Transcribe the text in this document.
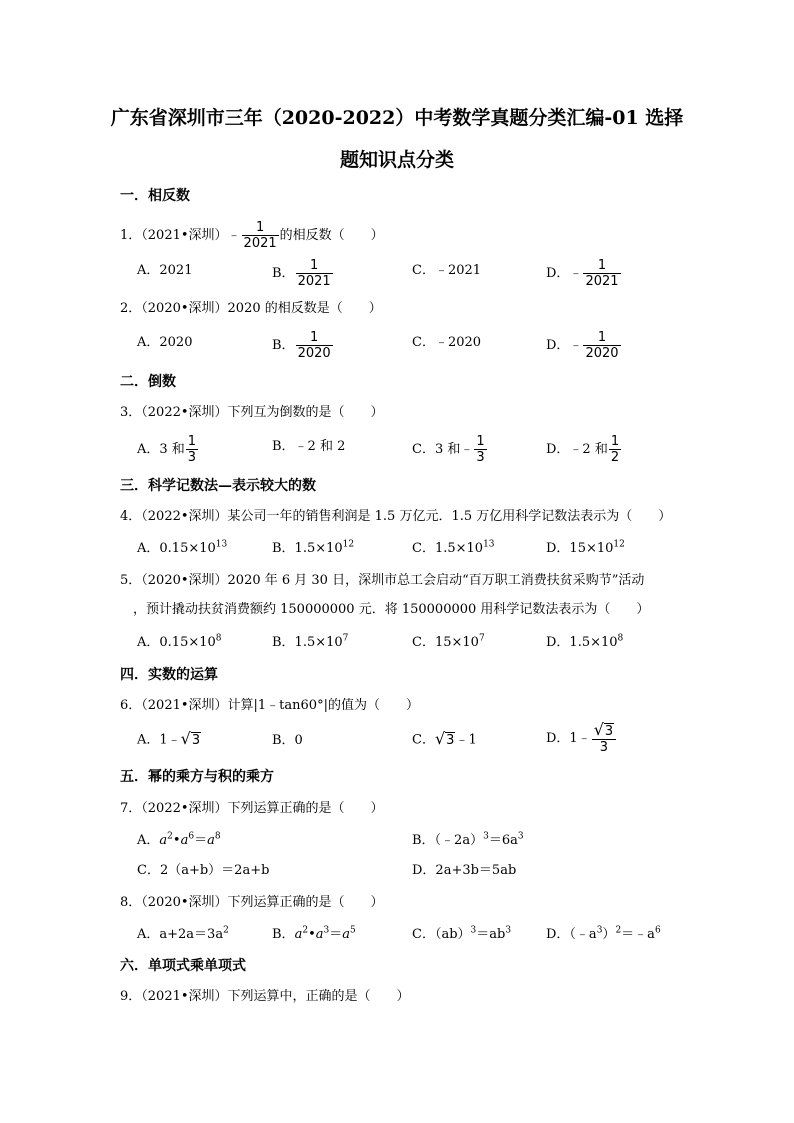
广东省深圳市三年（2020-2022）中考数学真题分类汇编-01 选择
题知识点分类
一．相反数
1．（2021•深圳）﹣ $\frac{1}{2021}$ 的相反数（　　）
A．2021	B． $\frac{1}{2021}$	C．﹣2021	D．﹣ $\frac{1}{2021}$
2．（2020•深圳）2020 的相反数是（　　）
A．2020	B． $\frac{1}{2020}$	C．﹣2020	D．﹣ $\frac{1}{2020}$
二．倒数
3．（2022•深圳）下列互为倒数的是（　　）
A．3 和 $\frac{1}{3}$	B．﹣2 和 2	C．3 和﹣ $\frac{1}{3}$	D．﹣2 和 $\frac{1}{2}$
三．科学记数法—表示较大的数
4．（2022•深圳）某公司一年的销售利润是 1.5 万亿元．1.5 万亿用科学记数法表示为（　　）
A．$0.15\times 10^{13}$	B．$1.5\times 10^{12}$	C．$1.5\times 10^{13}$	D．$15\times 10^{12}$
5．（2020•深圳）2020 年 6 月 30 日，深圳市总工会启动“百万职工消费扶贫采购节”活动
，预计撬动扶贫消费额约 150000000 元．将 150000000 用科学记数法表示为（　　）
A．$0.15\times 10^8$	B．$1.5\times 10^7$	C．$15\times 10^7$	D．$1.5\times 10^8$
四．实数的运算
6．（2021•深圳）计算|1﹣tan60°|的值为（　　）
A．1﹣√3	B．0	C．√3﹣1	D．1﹣ $\frac{√3}{3}$
五．幂的乘方与积的乘方
7．（2022•深圳）下列运算正确的是（　　）
A．$a^2•a^6=a^8$	B．$(﹣2a)^3=6a^3$
C．2（a+b）＝2a+b	D．2a+3b＝5ab
8．（2020•深圳）下列运算正确的是（　　）
A．$a+2a=3a^2$	B．$a^2•a^3=a^5$	C．$(ab)^3=ab^3$	D．$(﹣a^3)^2=﹣a^6$
六．单项式乘单项式
9．（2021•深圳）下列运算中，正确的是（　　）
